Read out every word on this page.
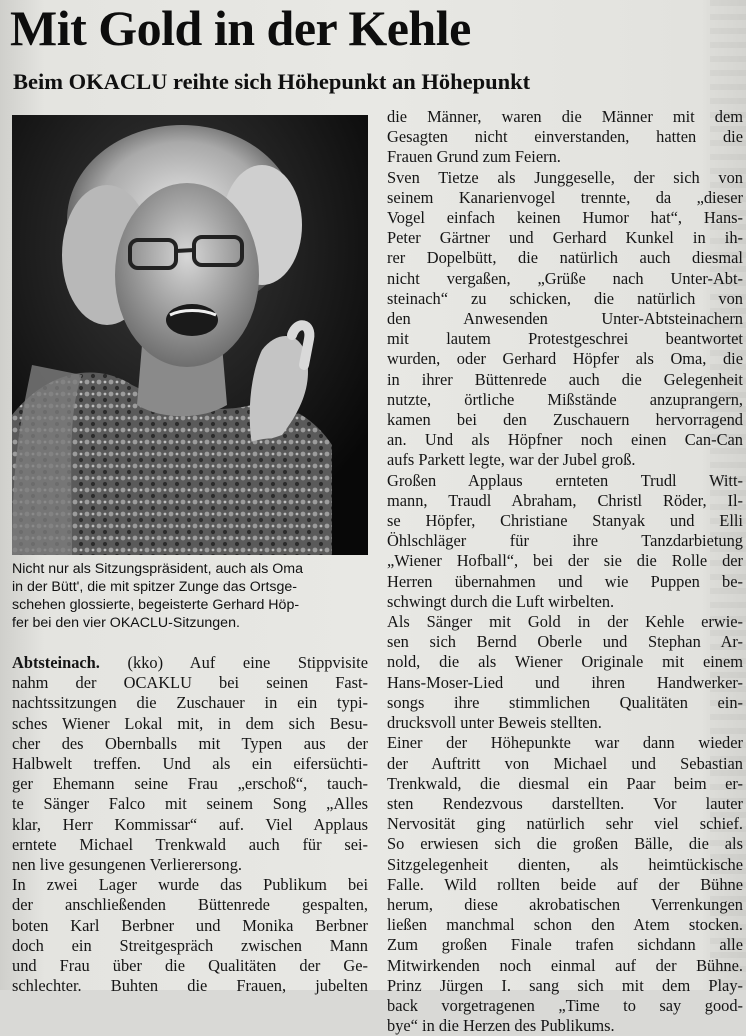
Mit Gold in der Kehle
Beim OKACLU reihte sich Höhepunkt an Höhepunkt
Nicht nur als Sitzungspräsident, auch als Oma
in der Bütt', die mit spitzer Zunge das Ortsge-
schehen glossierte, begeisterte Gerhard Höp-
fer bei den vier OKACLU-Sitzungen.
Abtsteinach. (kko) Auf eine Stippvisite
nahm der OCAKLU bei seinen Fast-
nachtssitzungen die Zuschauer in ein typi-
sches Wiener Lokal mit, in dem sich Besu-
cher des Obernballs mit Typen aus der
Halbwelt treffen. Und als ein eifersüchti-
ger Ehemann seine Frau „erschoß“, tauch-
te Sänger Falco mit seinem Song „Alles
klar, Herr Kommissar“ auf. Viel Applaus
erntete Michael Trenkwald auch für sei-
nen live gesungenen Verlierersong.
In zwei Lager wurde das Publikum bei
der anschließenden Büttenrede gespalten,
boten Karl Berbner und Monika Berbner
doch ein Streitgespräch zwischen Mann
und Frau über die Qualitäten der Ge-
schlechter. Buhten die Frauen, jubelten
die Männer, waren die Männer mit dem
Gesagten nicht einverstanden, hatten die
Frauen Grund zum Feiern.
Sven Tietze als Junggeselle, der sich von
seinem Kanarienvogel trennte, da „dieser
Vogel einfach keinen Humor hat“, Hans-
Peter Gärtner und Gerhard Kunkel in ih-
rer Dopelbütt, die natürlich auch diesmal
nicht vergaßen, „Grüße nach Unter-Abt-
steinach“ zu schicken, die natürlich von
den Anwesenden Unter-Abtsteinachern
mit lautem Protestgeschrei beantwortet
wurden, oder Gerhard Höpfer als Oma, die
in ihrer Büttenrede auch die Gelegenheit
nutzte, örtliche Mißstände anzuprangern,
kamen bei den Zuschauern hervorragend
an. Und als Höpfner noch einen Can-Can
aufs Parkett legte, war der Jubel groß.
Großen Applaus ernteten Trudl Witt-
mann, Traudl Abraham, Christl Röder, Il-
se Höpfer, Christiane Stanyak und Elli
Öhlschläger für ihre Tanzdarbietung
„Wiener Hofball“, bei der sie die Rolle der
Herren übernahmen und wie Puppen be-
schwingt durch die Luft wirbelten.
Als Sänger mit Gold in der Kehle erwie-
sen sich Bernd Oberle und Stephan Ar-
nold, die als Wiener Originale mit einem
Hans-Moser-Lied und ihren Handwerker-
songs ihre stimmlichen Qualitäten ein-
drucksvoll unter Beweis stellten.
Einer der Höhepunkte war dann wieder
der Auftritt von Michael und Sebastian
Trenkwald, die diesmal ein Paar beim er-
sten Rendezvous darstellten. Vor lauter
Nervosität ging natürlich sehr viel schief.
So erwiesen sich die großen Bälle, die als
Sitzgelegenheit dienten, als heimtückische
Falle. Wild rollten beide auf der Bühne
herum, diese akrobatischen Verrenkungen
ließen manchmal schon den Atem stocken.
Zum großen Finale trafen sichdann alle
Mitwirkenden noch einmal auf der Bühne.
Prinz Jürgen I. sang sich mit dem Play-
back vorgetragenen „Time to say good-
bye“ in die Herzen des Publikums.
